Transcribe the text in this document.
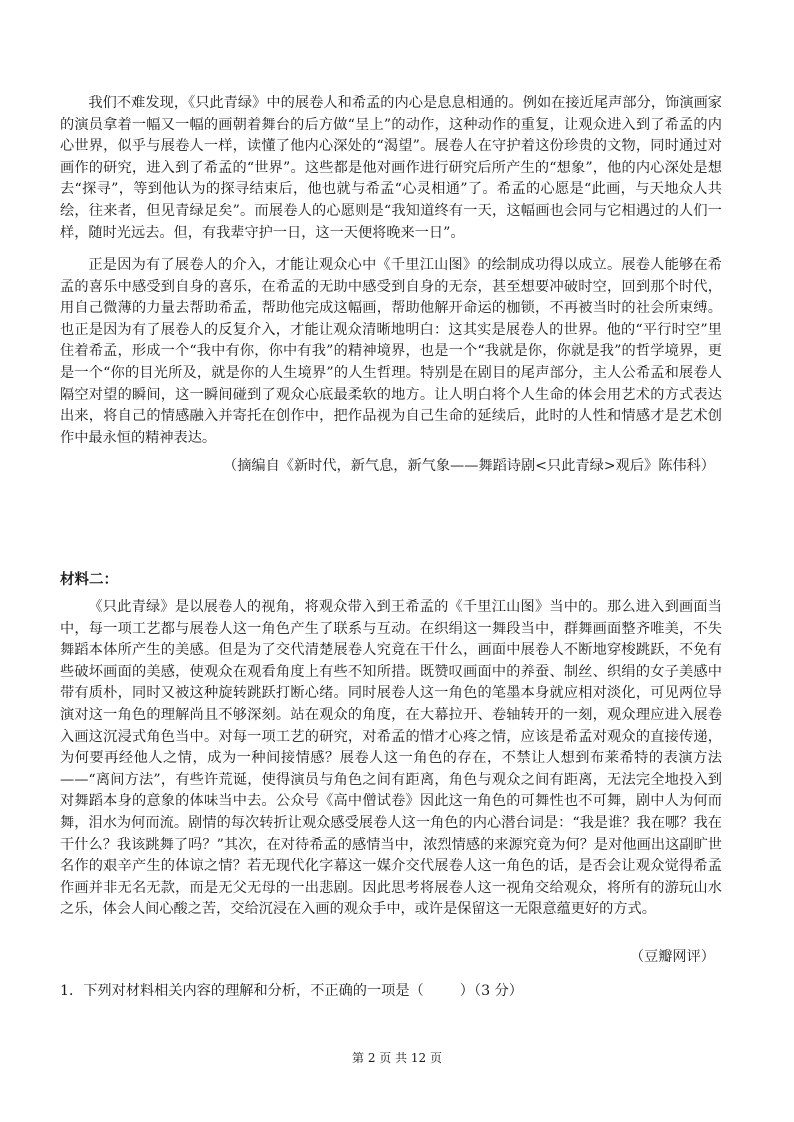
我们不难发现，《只此青绿》中的展卷人和希孟的内心是息息相通的。例如在接近尾声部分，饰演画家的演员拿着一幅又一幅的画朝着舞台的后方做“呈上”的动作，这种动作的重复，让观众进入到了希孟的内心世界，似乎与展卷人一样，读懂了他内心深处的“渴望”。展卷人在守护着这份珍贵的文物，同时通过对画作的研究，进入到了希孟的“世界”。这些都是他对画作进行研究后所产生的“想象”，他的内心深处是想去“探寻”，等到他认为的探寻结束后，他也就与希孟“心灵相通”了。希孟的心愿是“此画，与天地众人共绘，往来者，但见青绿足矣”。而展卷人的心愿则是“我知道终有一天，这幅画也会同与它相遇过的人们一样，随时光远去。但，有我辈守护一日，这一天便将晚来一日”。

正是因为有了展卷人的介入，才能让观众心中《千里江山图》的绘制成功得以成立。展卷人能够在希孟的喜乐中感受到自身的喜乐，在希孟的无助中感受到自身的无奈，甚至想要冲破时空，回到那个时代，用自己微薄的力量去帮助希孟，帮助他完成这幅画，帮助他解开命运的枷锁，不再被当时的社会所束缚。也正是因为有了展卷人的反复介入，才能让观众清晰地明白：这其实是展卷人的世界。他的“平行时空”里住着希孟，形成一个“我中有你，你中有我”的精神境界，也是一个“我就是你，你就是我”的哲学境界，更是一个“你的目光所及，就是你的人生境界”的人生哲理。特别是在剧目的尾声部分，主人公希孟和展卷人隔空对望的瞬间，这一瞬间碰到了观众心底最柔软的地方。让人明白将个人生命的体会用艺术的方式表达出来，将自己的情感融入并寄托在创作中，把作品视为自己生命的延续后，此时的人性和情感才是艺术创作中最永恒的精神表达。

（摘编自《新时代，新气息，新气象——舞蹈诗剧<只此青绿>观后》陈伟科）

材料二：

《只此青绿》是以展卷人的视角，将观众带入到王希孟的《千里江山图》当中的。那么进入到画面当中，每一项工艺都与展卷人这一角色产生了联系与互动。在织绢这一舞段当中，群舞画面整齐唯美，不失舞蹈本体所产生的美感。但是为了交代清楚展卷人究竟在干什么，画面中展卷人不断地穿梭跳跃，不免有些破坏画面的美感，使观众在观看角度上有些不知所措。既赞叹画面中的养蚕、制丝、织绢的女子美感中带有质朴，同时又被这种旋转跳跃打断心绪。同时展卷人这一角色的笔墨本身就应相对淡化，可见两位导演对这一角色的理解尚且不够深刻。站在观众的角度，在大幕拉开、卷轴转开的一刻，观众理应进入展卷入画这沉浸式角色当中。对每一项工艺的研究，对希孟的惜才心疼之情，应该是希孟对观众的直接传递，为何要再经他人之情，成为一种间接情感？展卷人这一角色的存在，不禁让人想到布莱希特的表演方法——“离间方法”，有些许荒诞，使得演员与角色之间有距离，角色与观众之间有距离，无法完全地投入到对舞蹈本身的意象的体味当中去。公众号《高中僧试卷》因此这一角色的可舞性也不可舞，剧中人为何而舞，泪水为何而流。剧情的每次转折让观众感受展卷人这一角色的内心潜台词是：“我是谁？我在哪？我在干什么？我该跳舞了吗？”其次，在对待希孟的感情当中，浓烈情感的来源究竟为何？是对他画出这副旷世名作的艰辛产生的体谅之情？若无现代化字幕这一媒介交代展卷人这一角色的话，是否会让观众觉得希孟作画并非无名无款，而是无父无母的一出悲剧。因此思考将展卷人这一视角交给观众，将所有的游玩山水之乐，体会人间心酸之苦，交给沉浸在入画的观众手中，或许是保留这一无限意蕴更好的方式。

（豆瓣网评）

1．下列对材料相关内容的理解和分析，不正确的一项是（        ）（3 分）

第 2 页 共 12 页
